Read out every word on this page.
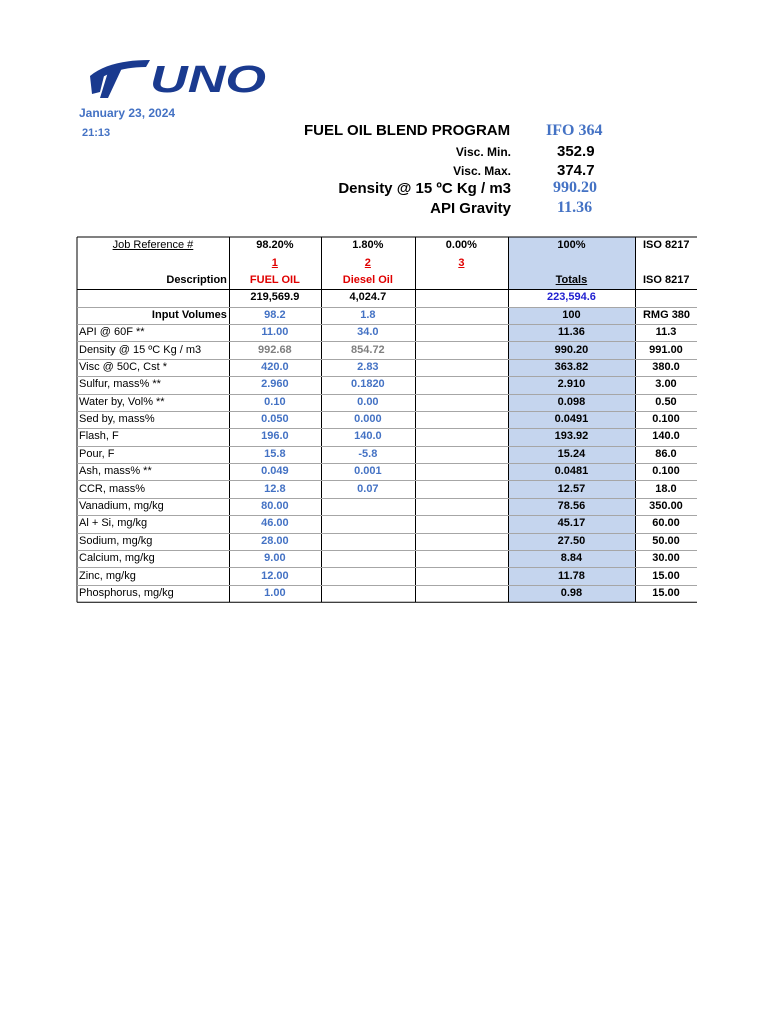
UNO
January 23, 2024
21:13	FUEL OIL BLEND PROGRAM IFO 364
Visc. Min.	352.9
Visc. Max.	374.7
Density @ 15 ºC Kg / m3	990.20
API Gravity	11.36
Job Reference #	98.20%	1.80%	0.00%	100%	ISO 8217
	1	2	3		
Description	FUEL OIL	Diesel Oil		Totals	ISO 8217
	219,569.9	4,024.7		223,594.6	
Input Volumes	98.2	1.8		100	RMG 380
API @ 60F **	11.00	34.0		11.36	11.3
Density @ 15 ºC Kg / m3	992.68	854.72		990.20	991.00
Visc @ 50C, Cst *	420.0	2.83		363.82	380.0
Sulfur, mass% **	2.960	0.1820		2.910	3.00
Water by, Vol% **	0.10	0.00		0.098	0.50
Sed by, mass%	0.050	0.000		0.0491	0.100
Flash, F	196.0	140.0		193.92	140.0
Pour, F	15.8	-5.8		15.24	86.0
Ash, mass% **	0.049	0.001		0.0481	0.100
CCR, mass%	12.8	0.07		12.57	18.0
Vanadium, mg/kg	80.00			78.56	350.00
Al + Si, mg/kg	46.00			45.17	60.00
Sodium, mg/kg	28.00			27.50	50.00
Calcium, mg/kg	9.00			8.84	30.00
Zinc, mg/kg	12.00			11.78	15.00
Phosphorus, mg/kg	1.00			0.98	15.00
